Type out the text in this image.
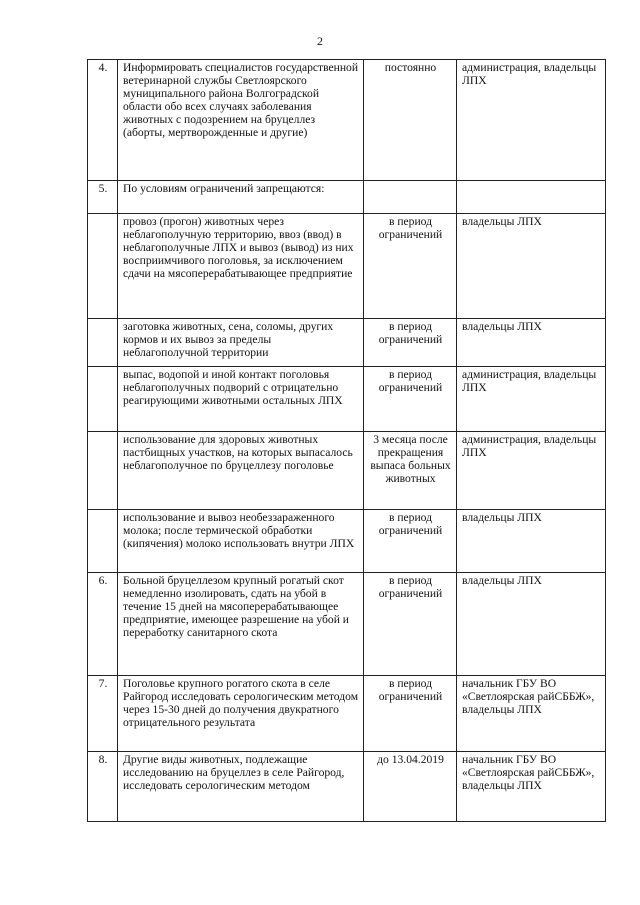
2
4.	Информировать специалистов государственной ветеринарной службы Светлоярского муниципального района Волгоградской области обо всех случаях заболевания животных с подозрением на бруцеллез (аборты, мертворожденные и другие)	постоянно	администрация, владельцы ЛПХ
5.	По условиям ограничений запрещаются:		
	провоз (прогон) животных через неблагополучную территорию, ввоз (ввод) в неблагополучные ЛПХ и вывоз (вывод) из них восприимчивого поголовья, за исключением сдачи на мясоперерабатывающее предприятие	в период ограничений	владельцы ЛПХ
	заготовка животных, сена, соломы, других кормов и их вывоз за пределы неблагополучной территории	в период ограничений	владельцы ЛПХ
	выпас, водопой и иной контакт поголовья неблагополучных подворий с отрицательно реагирующими животными остальных ЛПХ	в период ограничений	администрация, владельцы ЛПХ
	использование для здоровых животных пастбищных участков, на которых выпасалось неблагополучное по бруцеллезу поголовье	3 месяца после прекращения выпаса больных животных	администрация, владельцы ЛПХ
	использование и вывоз необеззараженного молока; после термической обработки (кипячения) молоко использовать внутри ЛПХ	в период ограничений	владельцы ЛПХ
6.	Больной бруцеллезом крупный рогатый скот немедленно изолировать, сдать на убой в течение 15 дней на мясоперерабатывающее предприятие, имеющее разрешение на убой и переработку санитарного скота	в период ограничений	владельцы ЛПХ
7.	Поголовье крупного рогатого скота в селе Райгород исследовать серологическим методом через 15-30 дней до получения двукратного отрицательного результата	в период ограничений	начальник ГБУ ВО «Светлоярская райСББЖ», владельцы ЛПХ
8.	Другие виды животных, подлежащие исследованию на бруцеллез в селе Райгород, исследовать серологическим методом	до 13.04.2019	начальник ГБУ ВО «Светлоярская райСББЖ», владельцы ЛПХ
